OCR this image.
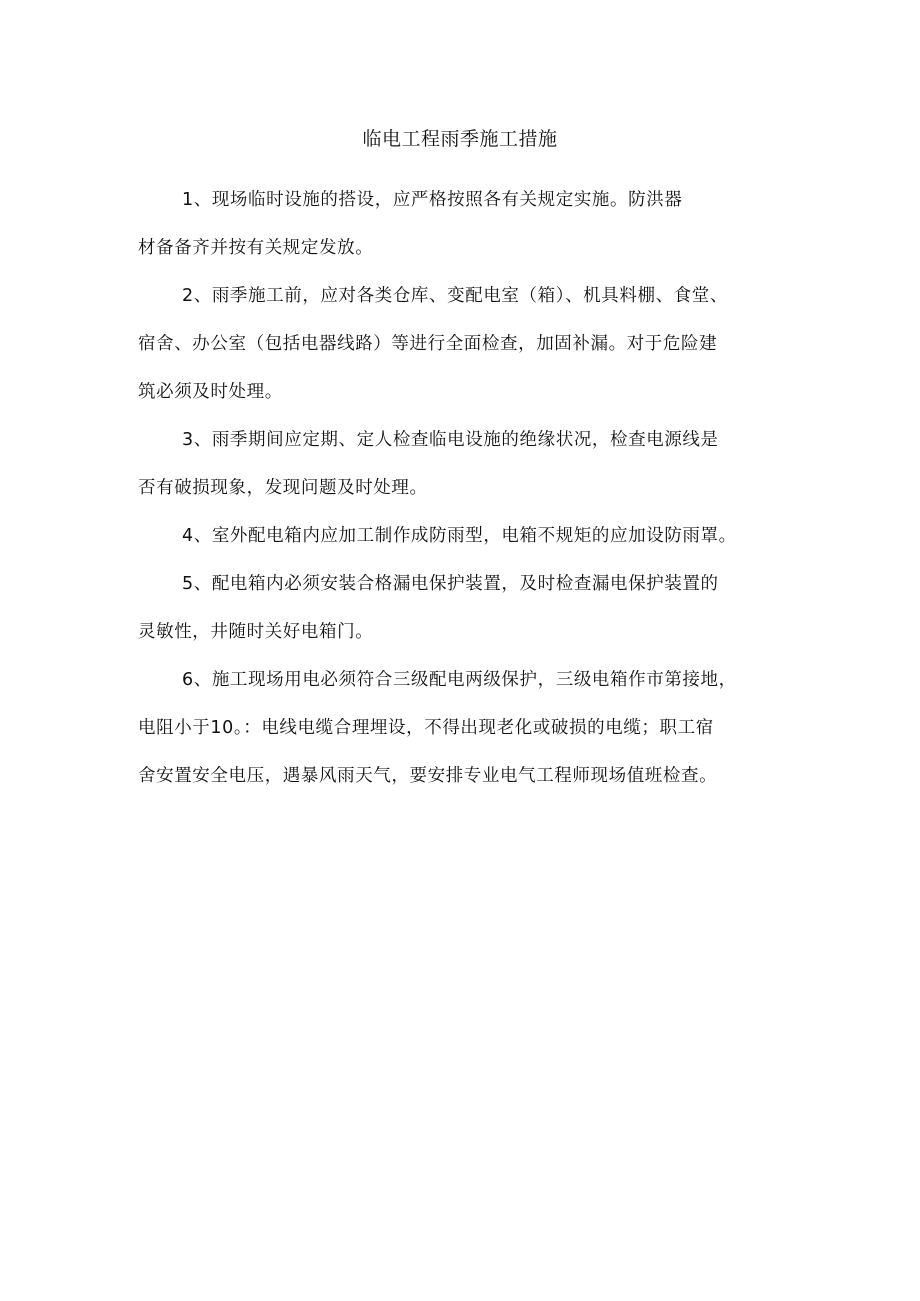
临电工程雨季施工措施
1、现场临时设施的搭设，应严格按照各有关规定实施。防洪器
材备备齐并按有关规定发放。
2、雨季施工前，应对各类仓库、变配电室（箱）、机具料棚、食堂、
宿舍、办公室（包括电器线路）等进行全面检查，加固补漏。对于危险建
筑必须及时处理。
3、雨季期间应定期、定人检查临电设施的绝缘状况，检查电源线是
否有破损现象，发现问题及时处理。
4、室外配电箱内应加工制作成防雨型，电箱不规矩的应加设防雨罩。
5、配电箱内必须安装合格漏电保护装置，及时检查漏电保护装置的
灵敏性，井随时关好电箱门。
6、施工现场用电必须符合三级配电两级保护，三级电箱作市第接地，
电阻小于10。：电线电缆合理埋设，不得出现老化或破损的电缆；职工宿
舍安置安全电压，遇暴风雨天气，要安排专业电气工程师现场值班检查。
